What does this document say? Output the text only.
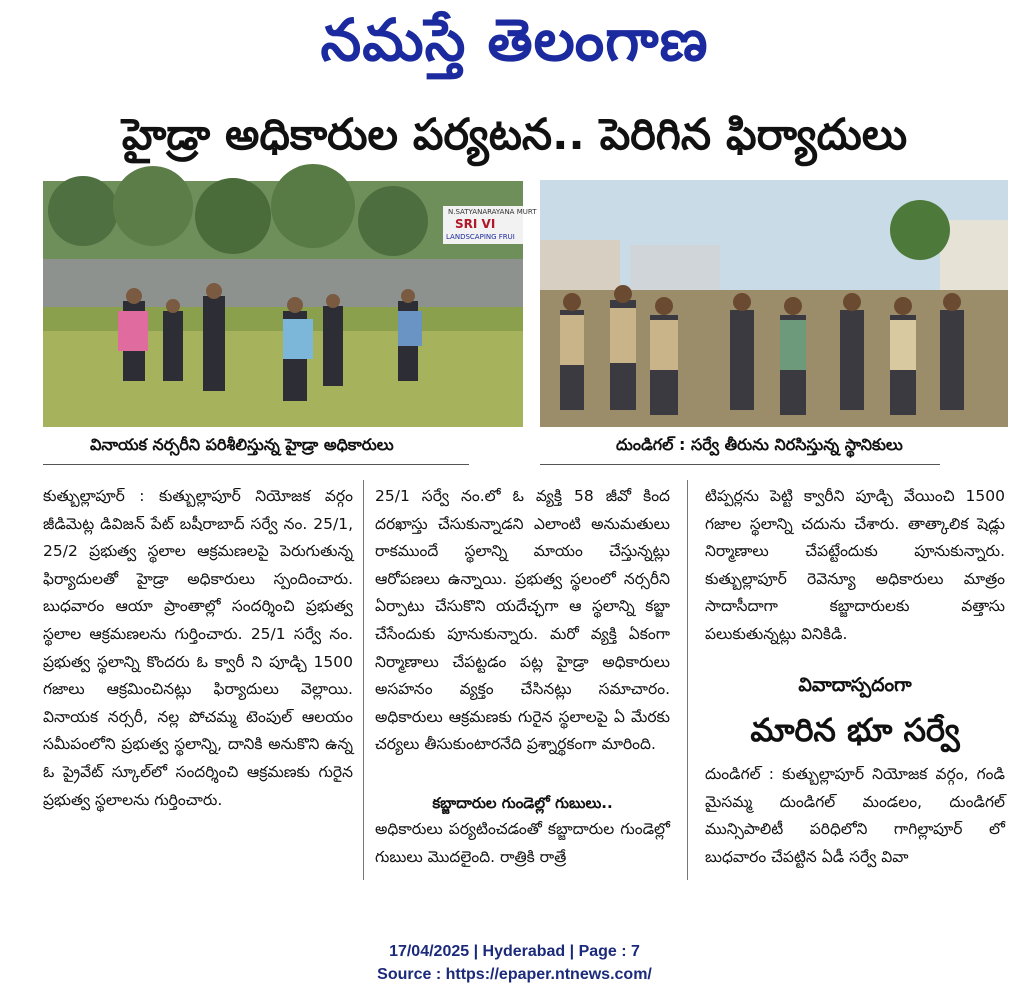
నమస్తే తెలంగాణ
హైడ్రా అధికారుల పర్యటన.. పెరిగిన ఫిర్యాదులు
N.SATYANARAYANA MURT
SRI VI
LANDSCAPING FRUI
వినాయక నర్సరీని పరిశీలిస్తున్న హైడ్రా అధికారులు	దుండిగల్ : సర్వే తీరును నిరసిస్తున్న స్థానికులు
కుత్బుల్లాపూర్ : కుత్బుల్లాపూర్ నియోజక వర్గం జీడిమెట్ల డివిజన్ పేట్ బషీరాబాద్ సర్వే నం. 25/1, 25/2 ప్రభుత్వ స్థలాల ఆక్రమణలపై పెరుగుతున్న ఫిర్యాదులతో హైడ్రా అధికారులు స్పందించారు. బుధవారం ఆయా ప్రాంతాల్లో సందర్శించి ప్రభుత్వ స్థలాల ఆక్రమణలను గుర్తించారు. 25/1 సర్వే నం. ప్రభుత్వ స్థలాన్ని కొందరు ఓ క్వారీ ని పూడ్చి 1500 గజాలు ఆక్రమించినట్లు ఫిర్యాదులు వెల్లాయి. వినాయక నర్సరీ, నల్ల పోచమ్మ టెంపుల్ ఆలయం సమీపంలోని ప్రభుత్వ స్థలాన్ని, దానికి అనుకొని ఉన్న ఓ ప్రైవేట్ స్కూల్‌లో సందర్శించి ఆక్రమణకు గురైన ప్రభుత్వ స్థలాలను గుర్తించారు.
25/1 సర్వే నం.లో ఓ వ్యక్తి 58 జీవో కింద దరఖాస్తు చేసుకున్నాడని ఎలాంటి అనుమతులు రాకముందే స్థలాన్ని మాయం చేస్తున్నట్లు ఆరోపణలు ఉన్నాయి. ప్రభుత్వ స్థలంలో నర్సరీని ఏర్పాటు చేసుకొని యదేచ్ఛగా ఆ స్థలాన్ని కబ్జా చేసేందుకు పూనుకున్నారు. మరో వ్యక్తి ఏకంగా నిర్మాణాలు చేపట్టడం పట్ల హైడ్రా అధికారులు అసహనం వ్యక్తం చేసినట్లు సమాచారం. అధికారులు ఆక్రమణకు గురైన స్థలాలపై ఏ మేరకు చర్యలు తీసుకుంటారనేది ప్రశ్నార్థకంగా మారింది.
కబ్జాదారుల గుండెల్లో గుబులు..
అధికారులు పర్యటించడంతో కబ్జాదారుల గుండెల్లో గుబులు మొదలైంది. రాత్రికి రాత్రే
టిప్పర్లను పెట్టి క్వారీని పూడ్చి వేయించి 1500 గజాల స్థలాన్ని చదును చేశారు. తాత్కాలిక షెడ్లు నిర్మాణాలు చేపట్టేందుకు పూనుకున్నారు. కుత్బుల్లాపూర్ రెవెన్యూ అధికారులు మాత్రం సాదాసీదాగా కబ్జాదారులకు వత్తాసు పలుకుతున్నట్లు వినికిడి.
వివాదాస్పదంగా
మారిన భూ సర్వే
దుండిగల్ : కుత్బుల్లాపూర్ నియోజక వర్గం, గండి మైసమ్మ దుండిగల్ మండలం, దుండిగల్ మున్సిపాలిటీ పరిధిలోని గాగిల్లాపూర్ లో బుధవారం చేపట్టిన ఏడీ సర్వే వివా
17/04/2025 | Hyderabad | Page : 7
Source : https://epaper.ntnews.com/
